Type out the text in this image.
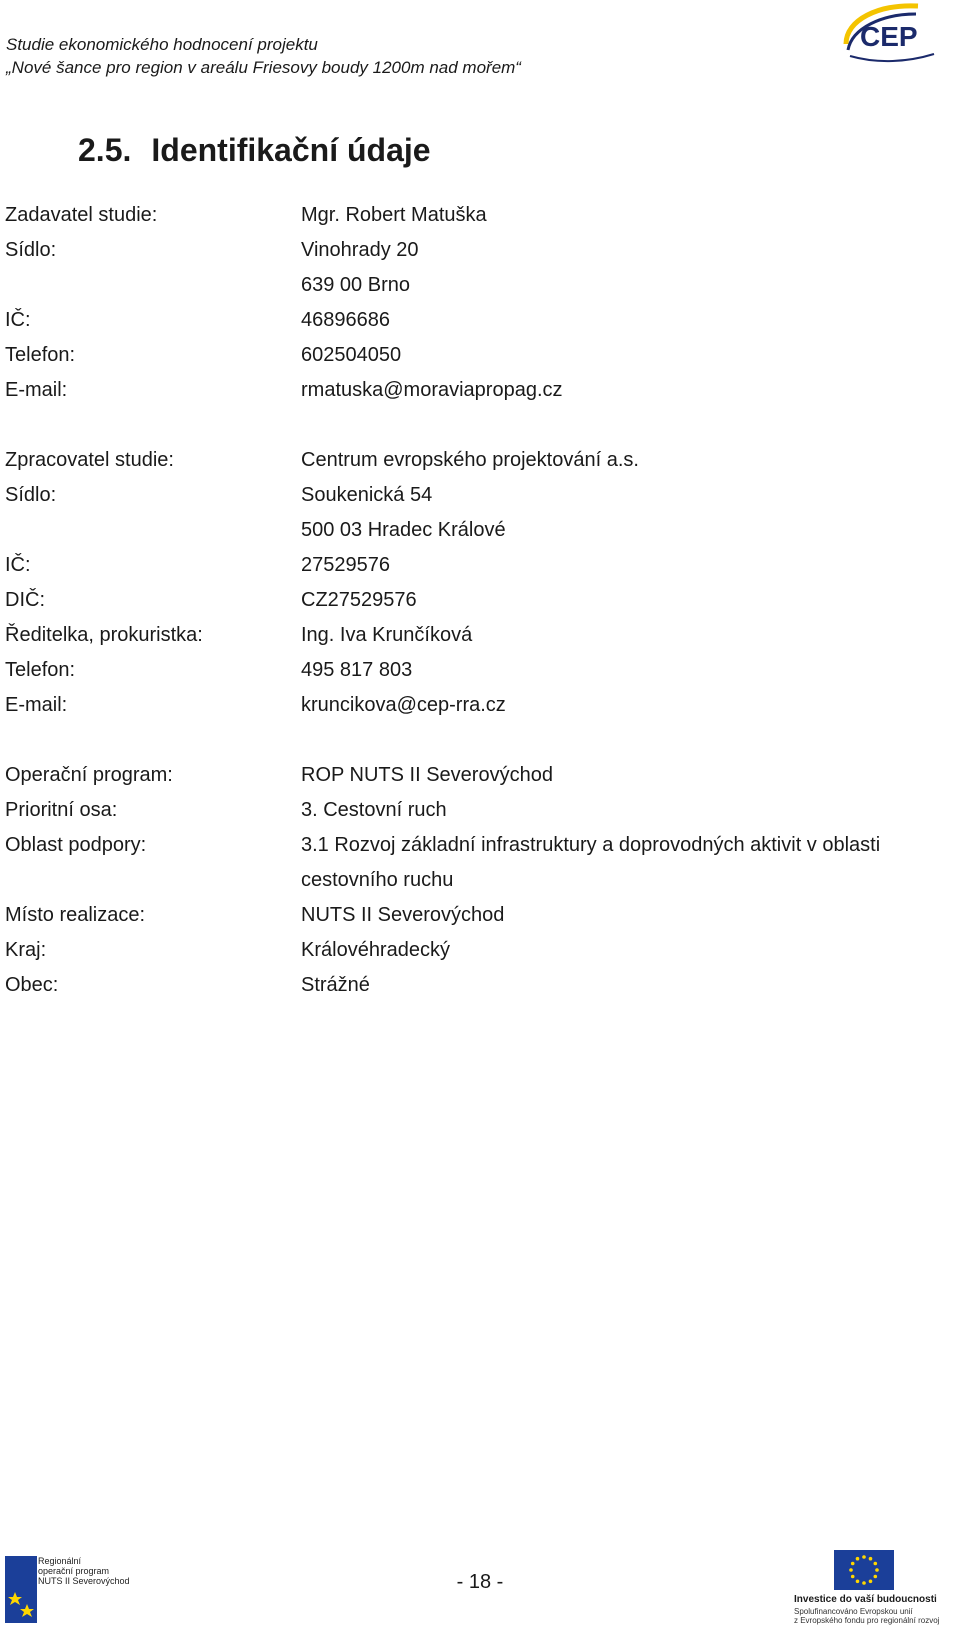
Studie ekonomického hodnocení projektu
„Nové šance pro region v areálu Friesovy boudy 1200m nad mořem“
CEP
2.5. Identifikační údaje
Zadavatel studie:	Mgr. Robert Matuška
Sídlo:	Vinohrady 20
639 00 Brno
IČ:	46896686
Telefon:	602504050
E-mail:	rmatuska@moraviapropag.cz
Zpracovatel studie:	Centrum evropského projektování a.s.
Sídlo:	Soukenická 54
500 03 Hradec Králové
IČ:	27529576
DIČ:	CZ27529576
Ředitelka, prokuristka:	Ing. Iva Krunčíková
Telefon:	495 817 803
E-mail:	kruncikova@cep-rra.cz
Operační program:	ROP NUTS II Severovýchod
Prioritní osa:	3. Cestovní ruch
Oblast podpory:	3.1 Rozvoj základní infrastruktury a doprovodných aktivit v oblasti
cestovního ruchu
Místo realizace:	NUTS II Severovýchod
Kraj:	Královéhradecký
Obec:	Strážné
Regionální
operační program
NUTS II Severovýchod	- 18 -
Investice do vaší budoucnosti
Spolufinancováno Evropskou unií
z Evropského fondu pro regionální rozvoj
